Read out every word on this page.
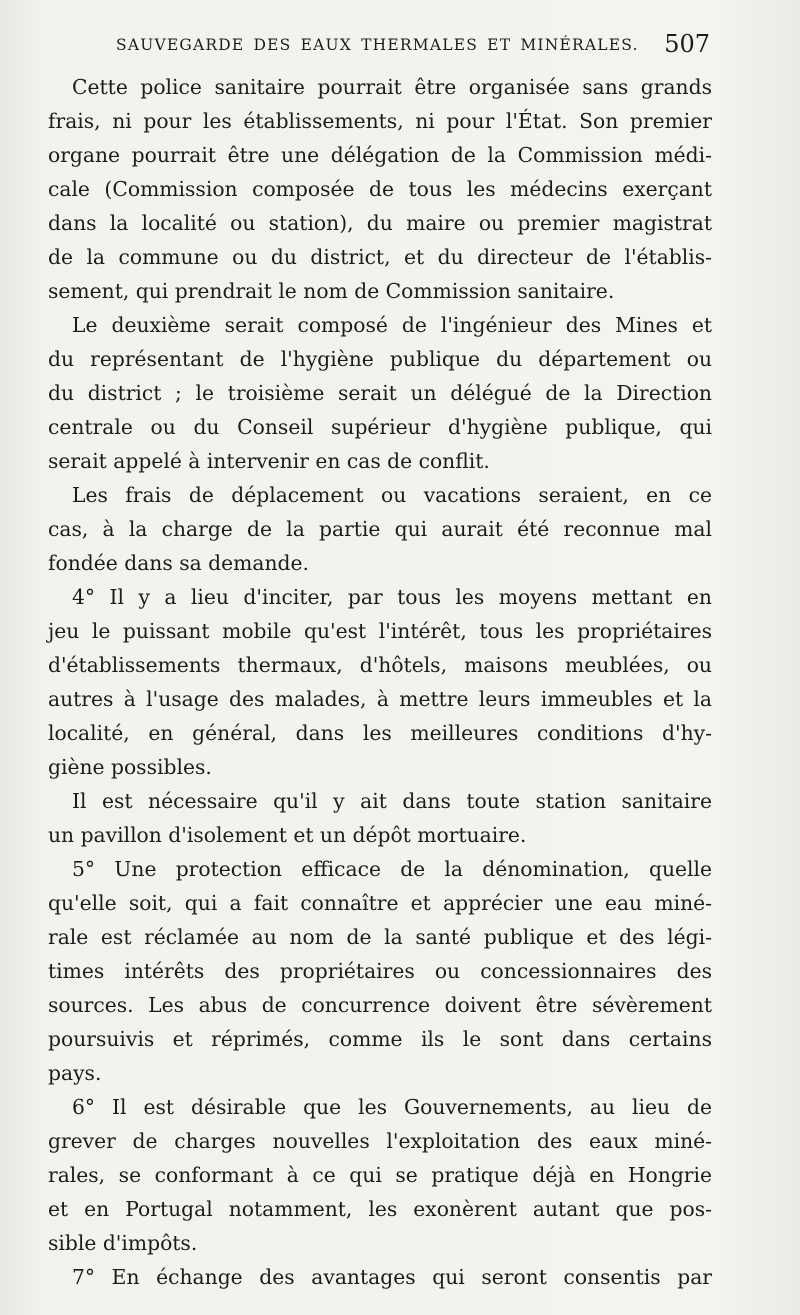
SAUVEGARDE DES EAUX THERMALES ET MINÉRALES. 507
Cette police sanitaire pourrait être organisée sans grands
frais, ni pour les établissements, ni pour l'État. Son premier
organe pourrait être une délégation de la Commission médi-
cale (Commission composée de tous les médecins exerçant
dans la localité ou station), du maire ou premier magistrat
de la commune ou du district, et du directeur de l'établis-
sement, qui prendrait le nom de Commission sanitaire.
Le deuxième serait composé de l'ingénieur des Mines et
du représentant de l'hygiène publique du département ou
du district ; le troisième serait un délégué de la Direction
centrale ou du Conseil supérieur d'hygiène publique, qui
serait appelé à intervenir en cas de conflit.
Les frais de déplacement ou vacations seraient, en ce
cas, à la charge de la partie qui aurait été reconnue mal
fondée dans sa demande.
4° Il y a lieu d'inciter, par tous les moyens mettant en
jeu le puissant mobile qu'est l'intérêt, tous les propriétaires
d'établissements thermaux, d'hôtels, maisons meublées, ou
autres à l'usage des malades, à mettre leurs immeubles et la
localité, en général, dans les meilleures conditions d'hy-
giène possibles.
Il est nécessaire qu'il y ait dans toute station sanitaire
un pavillon d'isolement et un dépôt mortuaire.
5° Une protection efficace de la dénomination, quelle
qu'elle soit, qui a fait connaître et apprécier une eau miné-
rale est réclamée au nom de la santé publique et des légi-
times intérêts des propriétaires ou concessionnaires des
sources. Les abus de concurrence doivent être sévèrement
poursuivis et réprimés, comme ils le sont dans certains
pays.
6° Il est désirable que les Gouvernements, au lieu de
grever de charges nouvelles l'exploitation des eaux miné-
rales, se conformant à ce qui se pratique déjà en Hongrie
et en Portugal notamment, les exonèrent autant que pos-
sible d'impôts.
7° En échange des avantages qui seront consentis par
